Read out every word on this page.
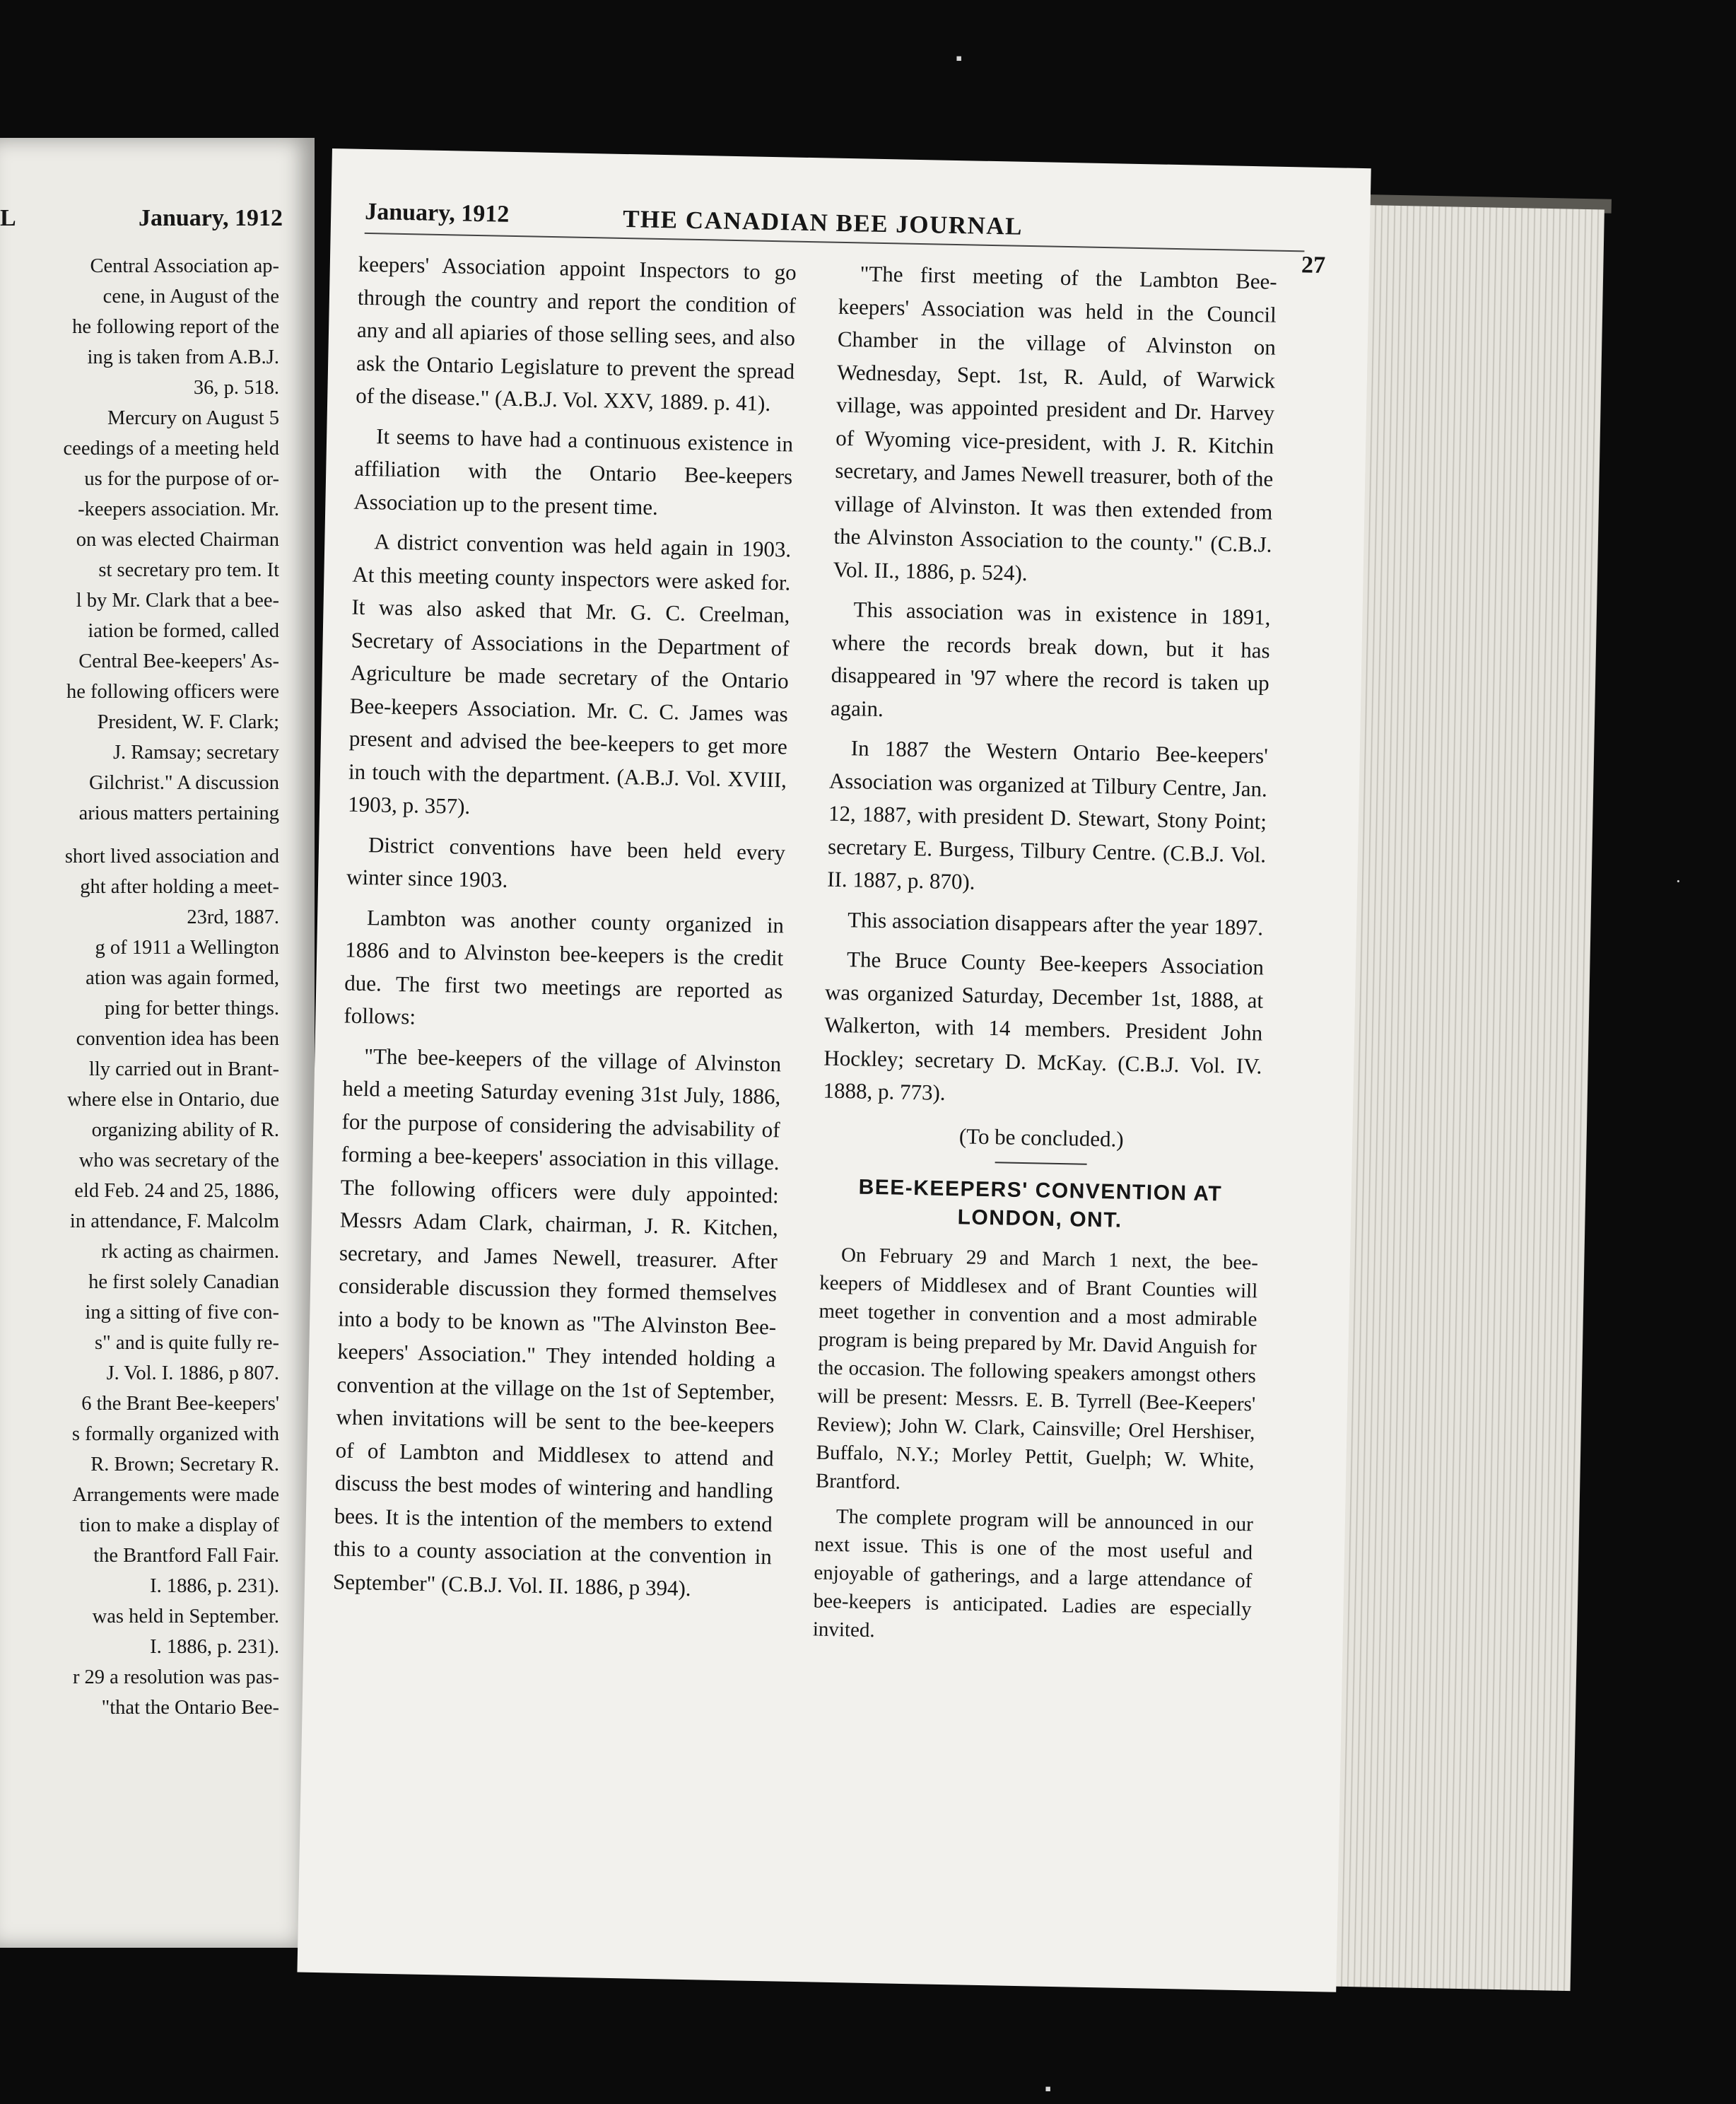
L	January, 1912
Central Association ap-
cene, in August of the
he following report of the
ing is taken from A.B.J.
36, p. 518.
Mercury on August 5
ceedings of a meeting held
us for the purpose of or-
-keepers association. Mr.
on was elected Chairman
st secretary pro tem. It
l by Mr. Clark that a bee-
iation be formed, called
Central Bee-keepers' As-
he following officers were
President, W. F. Clark;
J. Ramsay; secretary
Gilchrist." A discussion
arious matters pertaining
short lived association and
ght after holding a meet-
23rd, 1887.
g of 1911 a Wellington
ation was again formed,
ping for better things.
convention idea has been
lly carried out in Brant-
where else in Ontario, due
organizing ability of R.
who was secretary of the
eld Feb. 24 and 25, 1886,
in attendance, F. Malcolm
rk acting as chairmen.
he first solely Canadian
ing a sitting of five con-
s" and is quite fully re-
J. Vol. I. 1886, p 807.
6 the Brant Bee-keepers'
s formally organized with
R. Brown; Secretary R.
Arrangements were made
tion to make a display of
the Brantford Fall Fair.
I. 1886, p. 231).
was held in September.
I. 1886, p. 231).
r 29 a resolution was pas-
"that the Ontario Bee-
January, 1912	THE CANADIAN BEE JOURNAL
27

keepers' Association appoint Inspectors to go through the country and report the condition of any and all apiaries of those selling sees, and also ask the Ontario Legislature to prevent the spread of the disease." (A.B.J. Vol. XXV, 1889. p. 41).

It seems to have had a continuous existence in affiliation with the Ontario Bee-keepers Association up to the present time.

A district convention was held again in 1903. At this meeting county inspectors were asked for. It was also asked that Mr. G. C. Creelman, Secretary of Associations in the Department of Agriculture be made secretary of the Ontario Bee-keepers Association. Mr. C. C. James was present and advised the bee-keepers to get more in touch with the department. (A.B.J. Vol. XVIII, 1903, p. 357).

District conventions have been held every winter since 1903.

Lambton was another county organized in 1886 and to Alvinston bee-keepers is the credit due. The first two meetings are reported as follows:

"The bee-keepers of the village of Alvinston held a meeting Saturday evening 31st July, 1886, for the purpose of considering the advisability of forming a bee-keepers' association in this village. The following officers were duly appointed: Messrs Adam Clark, chairman, J. R. Kitchen, secretary, and James Newell, treasurer. After considerable discussion they formed themselves into a body to be known as "The Alvinston Bee-keepers' Association." They intended holding a convention at the village on the 1st of September, when invitations will be sent to the bee-keepers of of Lambton and Middlesex to attend and discuss the best modes of wintering and handling bees. It is the intention of the members to extend this to a county association at the convention in September" (C.B.J. Vol. II. 1886, p 394).

"The first meeting of the Lambton Bee-keepers' Association was held in the Council Chamber in the village of Alvinston on Wednesday, Sept. 1st, R. Auld, of Warwick village, was appointed president and Dr. Harvey of Wyoming vice-president, with J. R. Kitchin secretary, and James Newell treasurer, both of the village of Alvinston. It was then extended from the Alvinston Association to the county." (C.B.J. Vol. II., 1886, p. 524).

This association was in existence in 1891, where the records break down, but it has disappeared in '97 where the record is taken up again.

In 1887 the Western Ontario Bee-keepers' Association was organized at Tilbury Centre, Jan. 12, 1887, with president D. Stewart, Stony Point; secretary E. Burgess, Tilbury Centre. (C.B.J. Vol. II. 1887, p. 870).

This association disappears after the year 1897.

The Bruce County Bee-keepers Association was organized Saturday, December 1st, 1888, at Walkerton, with 14 members. President John Hockley; secretary D. McKay. (C.B.J. Vol. IV. 1888, p. 773).

(To be concluded.)

BEE-KEEPERS' CONVENTION AT
LONDON, ONT.

On February 29 and March 1 next, the bee-keepers of Middlesex and of Brant Counties will meet together in convention and a most admirable program is being prepared by Mr. David Anguish for the occasion. The following speakers amongst others will be present: Messrs. E. B. Tyrrell (Bee-Keepers' Review); John W. Clark, Cainsville; Orel Hershiser, Buffalo, N.Y.; Morley Pettit, Guelph; W. White, Brantford.

The complete program will be announced in our next issue. This is one of the most useful and enjoyable of gatherings, and a large attendance of bee-keepers is anticipated. Ladies are especially invited.

▪
▪
·
